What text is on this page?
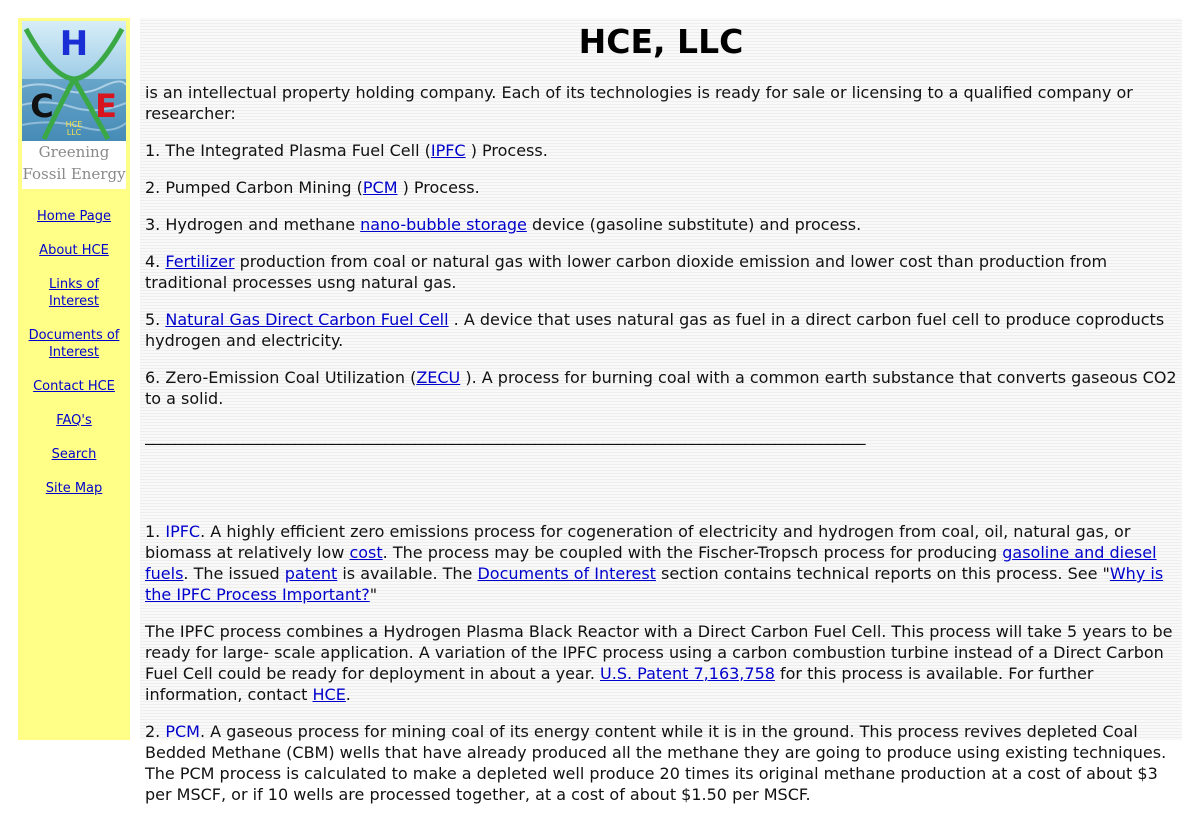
H
C E
HCE
LLC
Greening
Fossil Energy
Home Page
About HCE
Links of Interest
Documents of Interest
Contact HCE
FAQ's
Search
Site Map
HCE, LLC

is an intellectual property holding company. Each of its technologies is ready for sale or licensing to a qualified company or researcher:

1. The Integrated Plasma Fuel Cell (IPFC ) Process.

2. Pumped Carbon Mining (PCM ) Process.

3. Hydrogen and methane nano-bubble storage device (gasoline substitute) and process.

4. Fertilizer production from coal or natural gas with lower carbon dioxide emission and lower cost than production from traditional processes usng natural gas.

5. Natural Gas Direct Carbon Fuel Cell . A device that uses natural gas as fuel in a direct carbon fuel cell to produce coproducts hydrogen and electricity.

6. Zero-Emission Coal Utilization (ZECU ). A process for burning coal with a common earth substance that converts gaseous CO2 to a solid.

________________________________________________________________________________________________

1. IPFC. A highly efficient zero emissions process for cogeneration of electricity and hydrogen from coal, oil, natural gas, or biomass at relatively low cost. The process may be coupled with the Fischer-Tropsch process for producing gasoline and diesel fuels. The issued patent is available. The Documents of Interest section contains technical reports on this process. See "Why is the IPFC Process Important?"

The IPFC process combines a Hydrogen Plasma Black Reactor with a Direct Carbon Fuel Cell. This process will take 5 years to be ready for large- scale application. A variation of the IPFC process using a carbon combustion turbine instead of a Direct Carbon Fuel Cell could be ready for deployment in about a year. U.S. Patent 7,163,758 for this process is available. For further information, contact HCE.

2. PCM. A gaseous process for mining coal of its energy content while it is in the ground. This process revives depleted Coal Bedded Methane (CBM) wells that have already produced all the methane they are going to produce using existing techniques. The PCM process is calculated to make a depleted well produce 20 times its original methane production at a cost of about $3 per MSCF, or if 10 wells are processed together, at a cost of about $1.50 per MSCF.
